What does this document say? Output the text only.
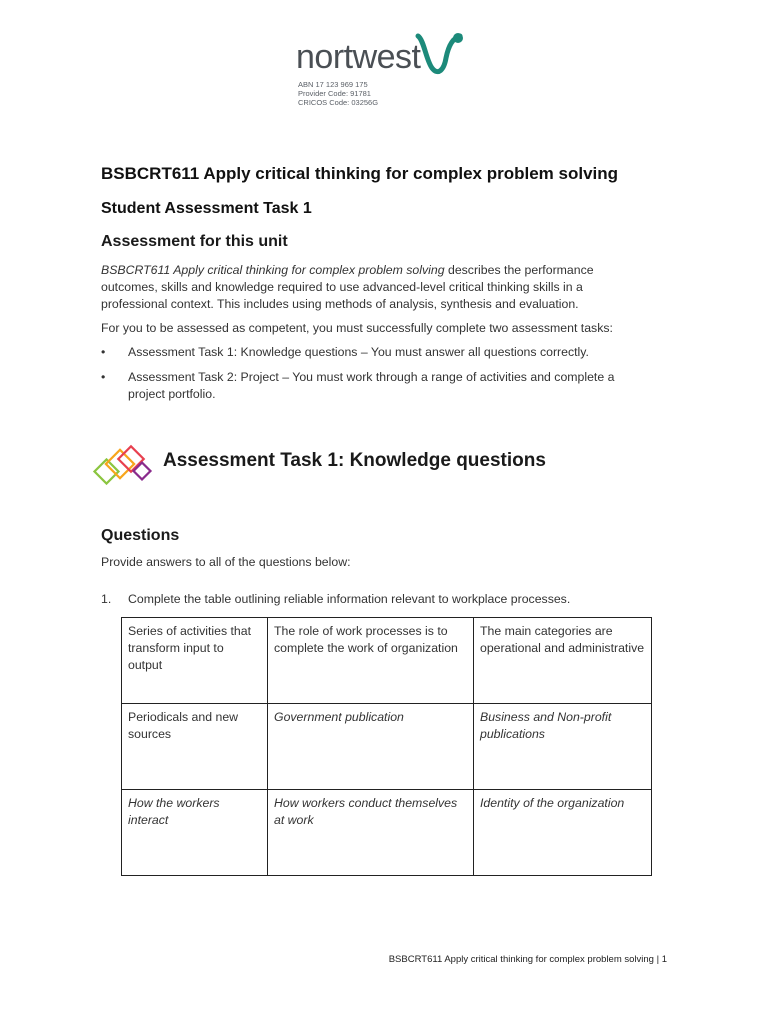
nortwest
ABN 17 123 969 175
Provider Code: 91781
CRICOS Code: 03256G
BSBCRT611 Apply critical thinking for complex problem solving
Student Assessment Task 1
Assessment for this unit
BSBCRT611 Apply critical thinking for complex problem solving describes the performance outcomes, skills and knowledge required to use advanced-level critical thinking skills in a professional context. This includes using methods of analysis, synthesis and evaluation.
For you to be assessed as competent, you must successfully complete two assessment tasks:
• Assessment Task 1: Knowledge questions – You must answer all questions correctly.
• Assessment Task 2: Project – You must work through a range of activities and complete a project portfolio.
Assessment Task 1: Knowledge questions
Questions
Provide answers to all of the questions below:
1. Complete the table outlining reliable information relevant to workplace processes.
Series of activities that transform input to output	The role of work processes is to complete the work of organization	The main categories are operational and administrative
Periodicals and new sources	Government publication	Business and Non-profit publications
How the workers interact	How workers conduct themselves at work	Identity of the organization
BSBCRT611 Apply critical thinking for complex problem solving | 1
